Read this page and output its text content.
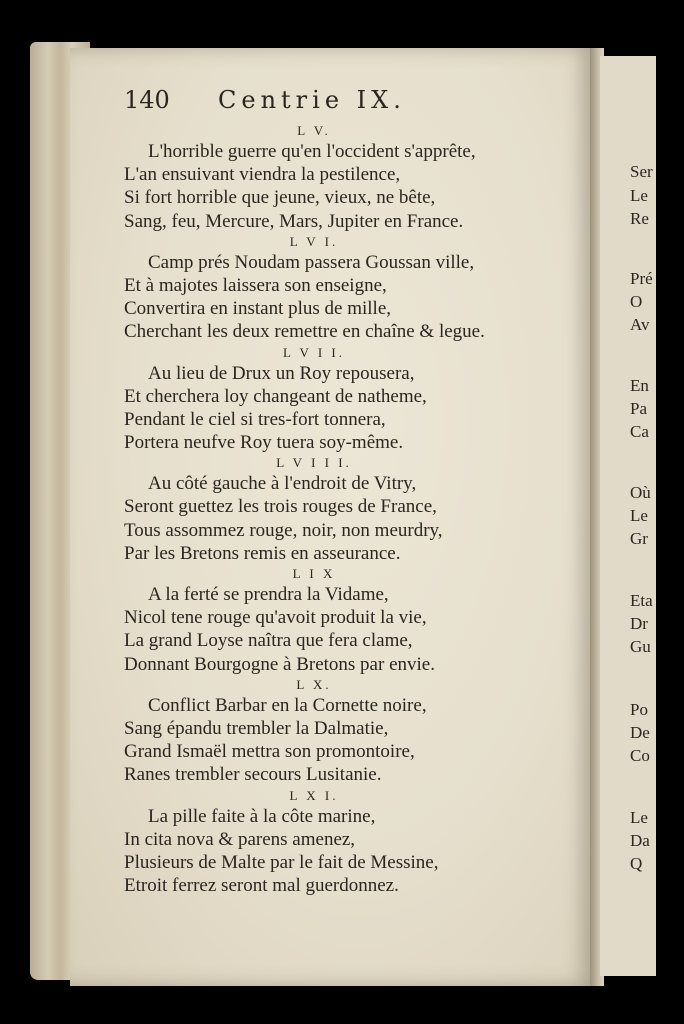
Ser
Le
Re
Pré
O
Av
En
Pa
Ca
Où
Le
Gr
Eta
Dr
Gu
Po
De
Co
Le
Da
Q
140 Centrie IX.
L V.
L'horrible guerre qu'en l'occident s'apprête,
L'an ensuivant viendra la pestilence,
Si fort horrible que jeune, vieux, ne bête,
Sang, feu, Mercure, Mars, Jupiter en France.
L V I.
Camp prés Noudam passera Goussan ville,
Et à majotes laissera son enseigne,
Convertira en instant plus de mille,
Cherchant les deux remettre en chaîne & legue.
L V I I.
Au lieu de Drux un Roy repousera,
Et cherchera loy changeant de natheme,
Pendant le ciel si tres-fort tonnera,
Portera neufve Roy tuera soy-même.
L V I I I.
Au côté gauche à l'endroit de Vitry,
Seront guettez les trois rouges de France,
Tous assommez rouge, noir, non meurdry,
Par les Bretons remis en asseurance.
L I X
A la ferté se prendra la Vidame,
Nicol tene rouge qu'avoit produit la vie,
La grand Loyse naîtra que fera clame,
Donnant Bourgogne à Bretons par envie.
L X.
Conflict Barbar en la Cornette noire,
Sang épandu trembler la Dalmatie,
Grand Ismaël mettra son promontoire,
Ranes trembler secours Lusitanie.
L X I.
La pille faite à la côte marine,
In cita nova & parens amenez,
Plusieurs de Malte par le fait de Messine,
Etroit ferrez seront mal guerdonnez.
